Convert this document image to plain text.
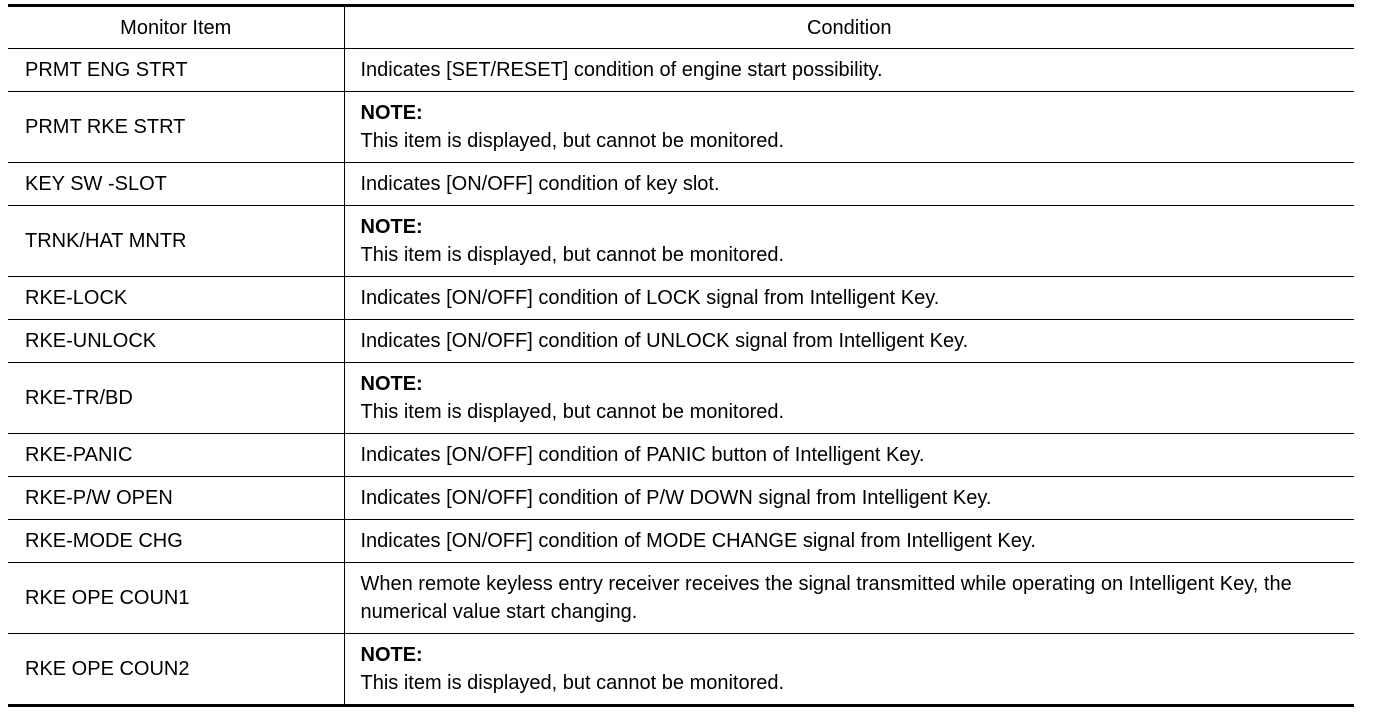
Monitor Item	Condition
PRMT ENG STRT	Indicates [SET/RESET] condition of engine start possibility.
PRMT RKE STRT	NOTE:
This item is displayed, but cannot be monitored.

KEY SW -SLOT	Indicates [ON/OFF] condition of key slot.
TRNK/HAT MNTR	NOTE:
This item is displayed, but cannot be monitored.

RKE-LOCK	Indicates [ON/OFF] condition of LOCK signal from Intelligent Key.
RKE-UNLOCK	Indicates [ON/OFF] condition of UNLOCK signal from Intelligent Key.
RKE-TR/BD	NOTE:
This item is displayed, but cannot be monitored.

RKE-PANIC	Indicates [ON/OFF] condition of PANIC button of Intelligent Key.
RKE-P/W OPEN	Indicates [ON/OFF] condition of P/W DOWN signal from Intelligent Key.
RKE-MODE CHG	Indicates [ON/OFF] condition of MODE CHANGE signal from Intelligent Key.
RKE OPE COUN1	When remote keyless entry receiver receives the signal transmitted while operating on Intelligent Key, the numerical value start changing.
RKE OPE COUN2	NOTE:
This item is displayed, but cannot be monitored.
